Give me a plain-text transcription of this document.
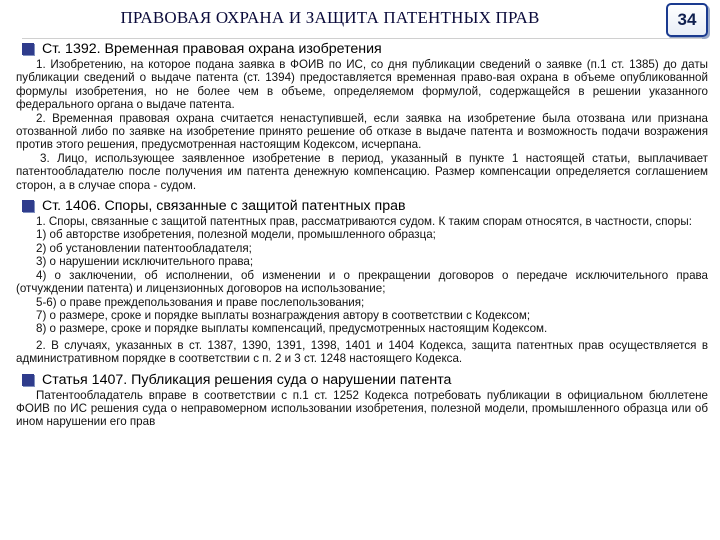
ПРАВОВАЯ ОХРАНА И ЗАЩИТА ПАТЕНТНЫХ ПРАВ	34
Ст. 1392. Временная правовая охрана изобретения

1. Изобретению, на которое подана заявка в ФОИВ по ИС, со дня публикации сведений о заявке (п.1 ст. 1385) до даты публикации сведений о выдаче патента (ст. 1394) предоставляется временная право-вая охрана в объеме опубликованной формулы изобретения, но не более чем в объеме, определяемом формулой, содержащейся в решении указанного федерального органа о выдаче патента.

2. Временная правовая охрана считается ненаступившей, если заявка на изобретение была отозвана или признана отозванной либо по заявке на изобретение принято решение об отказе в выдаче патента и возможность подачи возражения против этого решения, предусмотренная настоящим Кодексом, исчерпана.

3. Лицо, использующее заявленное изобретение в период, указанный в пункте 1 настоящей статьи, выплачивает патентообладателю после получения им патента денежную компенсацию. Размер компенсации определяется соглашением сторон, а в случае спора - судом.

Ст. 1406. Споры, связанные с защитой патентных прав

1. Споры, связанные с защитой патентных прав, рассматриваются судом. К таким спорам относятся, в частности, споры:

1) об авторстве изобретения, полезной модели, промышленного образца;
2) об установлении патентообладателя;
3) о нарушении исключительного права;
4) о заключении, об исполнении, об изменении и о прекращении договоров о передаче исключительного права (отчуждении патента) и лицензионных договоров на использование;
5-6) о праве преждепользования и праве послепользования;
7) о размере, сроке и порядке выплаты вознаграждения автору в соответствии с Кодексом;
8) о размере, сроке и порядке выплаты компенсаций, предусмотренных настоящим Кодексом.

2. В случаях, указанных в ст. 1387, 1390, 1391, 1398, 1401 и 1404 Кодекса, защита патентных прав осуществляется в административном порядке в соответствии с п. 2 и 3 ст. 1248 настоящего Кодекса.

Статья 1407. Публикация решения суда о нарушении патента

Патентообладатель вправе в соответствии с п.1 ст. 1252 Кодекса потребовать публикации в официальном бюллетене ФОИВ по ИС решения суда о неправомерном использовании изобретения, полезной модели, промышленного образца или об ином нарушении его прав
